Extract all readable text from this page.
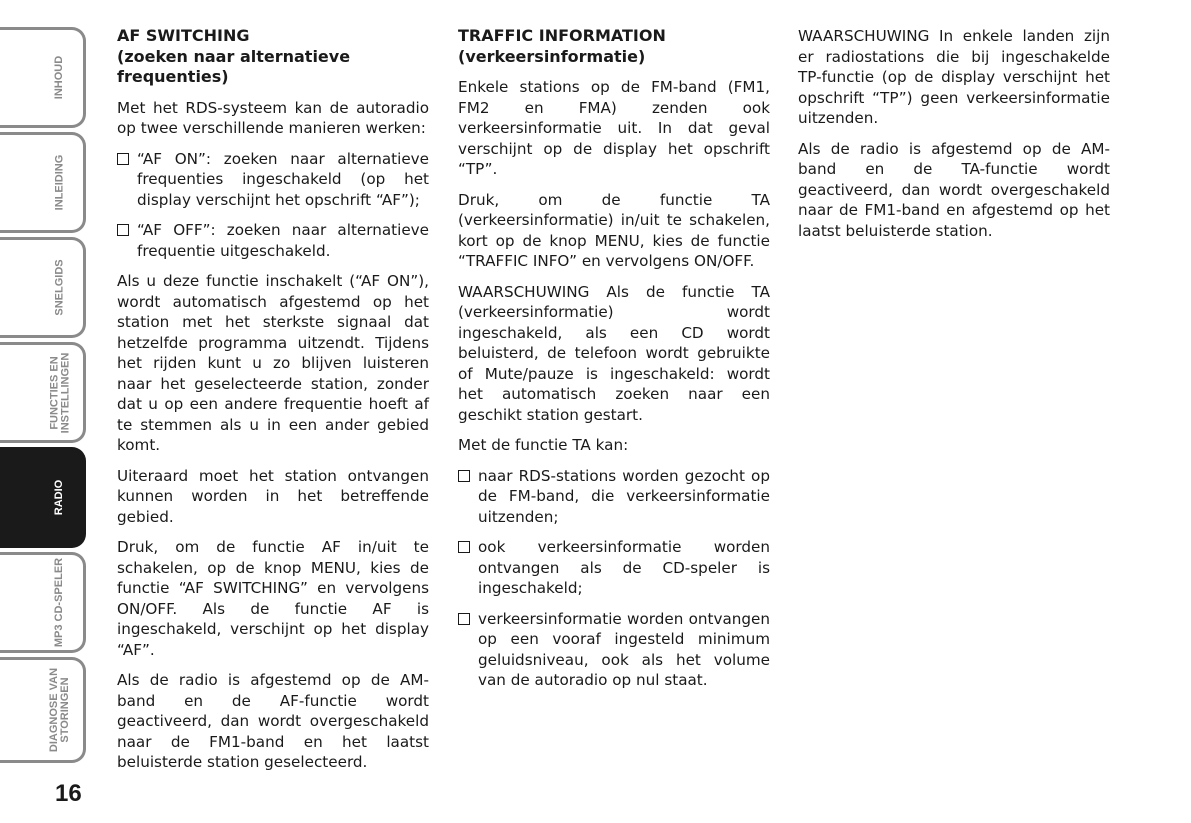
INHOUD
INLEIDING
SNELGIDS
FUNCTIES EN
INSTELLINGEN
RADIO
MP3 CD-SPELER
DIAGNOSE VAN
STORINGEN
16
AF SWITCHING
(zoeken naar alternatieve frequenties)

Met het RDS-systeem kan de autoradio op twee verschillende manieren werken:

“AF ON”: zoeken naar alternatieve frequenties ingeschakeld (op het display verschijnt het opschrift “AF”);

“AF OFF”: zoeken naar alternatieve frequentie uitgeschakeld.

Als u deze functie inschakelt (“AF ON”), wordt automatisch afgestemd op het station met het sterkste signaal dat hetzelfde programma uitzendt. Tijdens het rijden kunt u zo blijven luisteren naar het geselecteerde station, zonder dat u op een andere frequentie hoeft af te stemmen als u in een ander gebied komt.

Uiteraard moet het station ontvangen kunnen worden in het betreffende gebied.

Druk, om de functie AF in/uit te schakelen, op de knop MENU, kies de functie “AF SWITCHING” en vervolgens ON/OFF. Als de functie AF is ingeschakeld, verschijnt op het display “AF”.

Als de radio is afgestemd op de AM-band en de AF-functie wordt geactiveerd, dan wordt overgeschakeld naar de FM1-band en het laatst beluisterde station geselecteerd.

TRAFFIC INFORMATION
(verkeersinformatie)

Enkele stations op de FM-band (FM1, FM2 en FMA) zenden ook verkeersinformatie uit. In dat geval verschijnt op de display het opschrift “TP”.

Druk, om de functie TA (verkeersinformatie) in/uit te schakelen, kort op de knop MENU, kies de functie “TRAFFIC INFO” en vervolgens ON/OFF.

WAARSCHUWING Als de functie TA (verkeersinformatie) wordt ingeschakeld, als een CD wordt beluisterd, de telefoon wordt gebruikte of Mute/pauze is ingeschakeld: wordt het automatisch zoeken naar een geschikt station gestart.

Met de functie TA kan:

naar RDS-stations worden gezocht op de FM-band, die verkeersinformatie uitzenden;

ook verkeersinformatie worden ontvangen als de CD-speler is ingeschakeld;

verkeersinformatie worden ontvangen op een vooraf ingesteld minimum geluidsniveau, ook als het volume van de autoradio op nul staat.

WAARSCHUWING In enkele landen zijn er radiostations die bij ingeschakelde TP-functie (op de display verschijnt het opschrift “TP”) geen verkeersinformatie uitzenden.

Als de radio is afgestemd op de AM-band en de TA-functie wordt geactiveerd, dan wordt overgeschakeld naar de FM1-band en afgestemd op het laatst beluisterde station.
